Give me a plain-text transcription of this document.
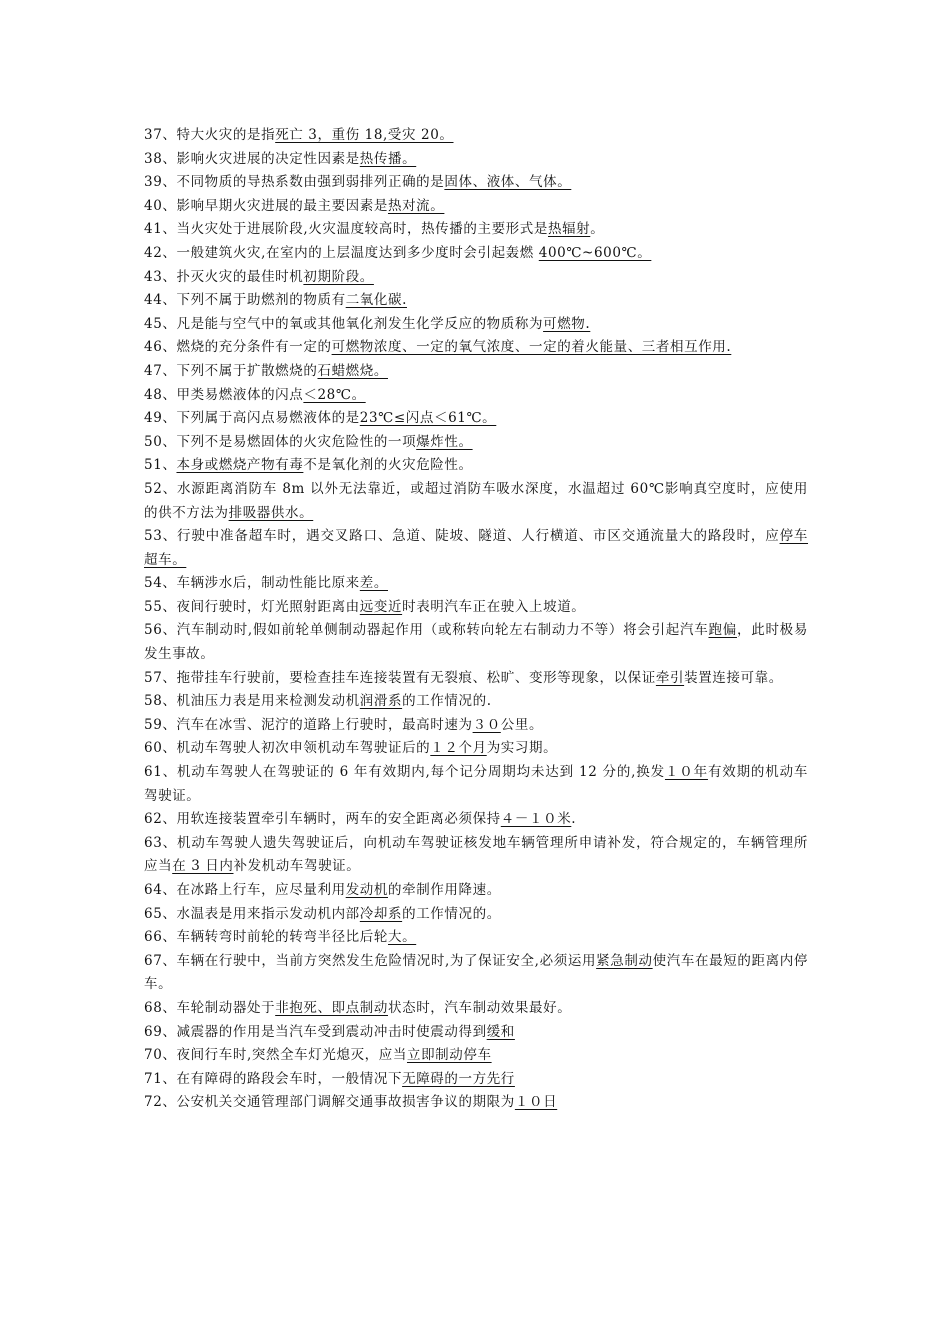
37、特大火灾的是指死亡 3，重伤 18,受灾 20。

38、影响火灾进展的决定性因素是热传播。

39、不同物质的导热系数由强到弱排列正确的是固体、液体、气体。

40、影响早期火灾进展的最主要因素是热对流。

41、当火灾处于进展阶段,火灾温度较高时，热传播的主要形式是热辐射。

42、一般建筑火灾,在室内的上层温度达到多少度时会引起轰燃 400℃~600℃。

43、扑灭火灾的最佳时机初期阶段。

44、下列不属于助燃剂的物质有二氧化碳.

45、凡是能与空气中的氧或其他氧化剂发生化学反应的物质称为可燃物.

46、燃烧的充分条件有一定的可燃物浓度、一定的氧气浓度、一定的着火能量、三者相互作用.

47、下列不属于扩散燃烧的石蜡燃烧。

48、甲类易燃液体的闪点＜28℃。

49、下列属于高闪点易燃液体的是23℃≤闪点＜61℃。

50、下列不是易燃固体的火灾危险性的一项爆炸性。

51、本身或燃烧产物有毒不是氧化剂的火灾危险性。

52、水源距离消防车 8m 以外无法靠近，或超过消防车吸水深度，水温超过 60℃影响真空度时，应使用的供不方法为排吸器供水。

53、行驶中准备超车时，遇交叉路口、急道、陡坡、隧道、人行横道、市区交通流量大的路段时，应停车超车。

54、车辆涉水后，制动性能比原来差。

55、夜间行驶时，灯光照射距离由远变近时表明汽车正在驶入上坡道。

56、汽车制动时,假如前轮单侧制动器起作用（或称转向轮左右制动力不等）将会引起汽车跑偏，此时极易发生事故。

57、拖带挂车行驶前，要检查挂车连接装置有无裂痕、松旷、变形等现象，以保证牵引装置连接可靠。

58、机油压力表是用来检测发动机润滑系的工作情况的.

59、汽车在冰雪、泥泞的道路上行驶时，最高时速为３０公里。

60、机动车驾驶人初次申领机动车驾驶证后的１２个月为实习期。

61、机动车驾驶人在驾驶证的 6 年有效期内,每个记分周期均未达到 12 分的,换发１０年有效期的机动车驾驶证。

62、用软连接装置牵引车辆时，两车的安全距离必须保持４－１０米.

63、机动车驾驶人遗失驾驶证后，向机动车驾驶证核发地车辆管理所申请补发，符合规定的，车辆管理所应当在 3 日内补发机动车驾驶证。

64、在冰路上行车，应尽量利用发动机的牵制作用降速。

65、水温表是用来指示发动机内部冷却系的工作情况的。

66、车辆转弯时前轮的转弯半径比后轮大。

67、车辆在行驶中，当前方突然发生危险情况时,为了保证安全,必须运用紧急制动使汽车在最短的距离内停车。

68、车轮制动器处于非抱死、即点制动状态时，汽车制动效果最好。

69、减震器的作用是当汽车受到震动冲击时使震动得到缓和

70、夜间行车时,突然全车灯光熄灭，应当立即制动停车

71、在有障碍的路段会车时，一般情况下无障碍的一方先行

72、公安机关交通管理部门调解交通事故损害争议的期限为１０日
